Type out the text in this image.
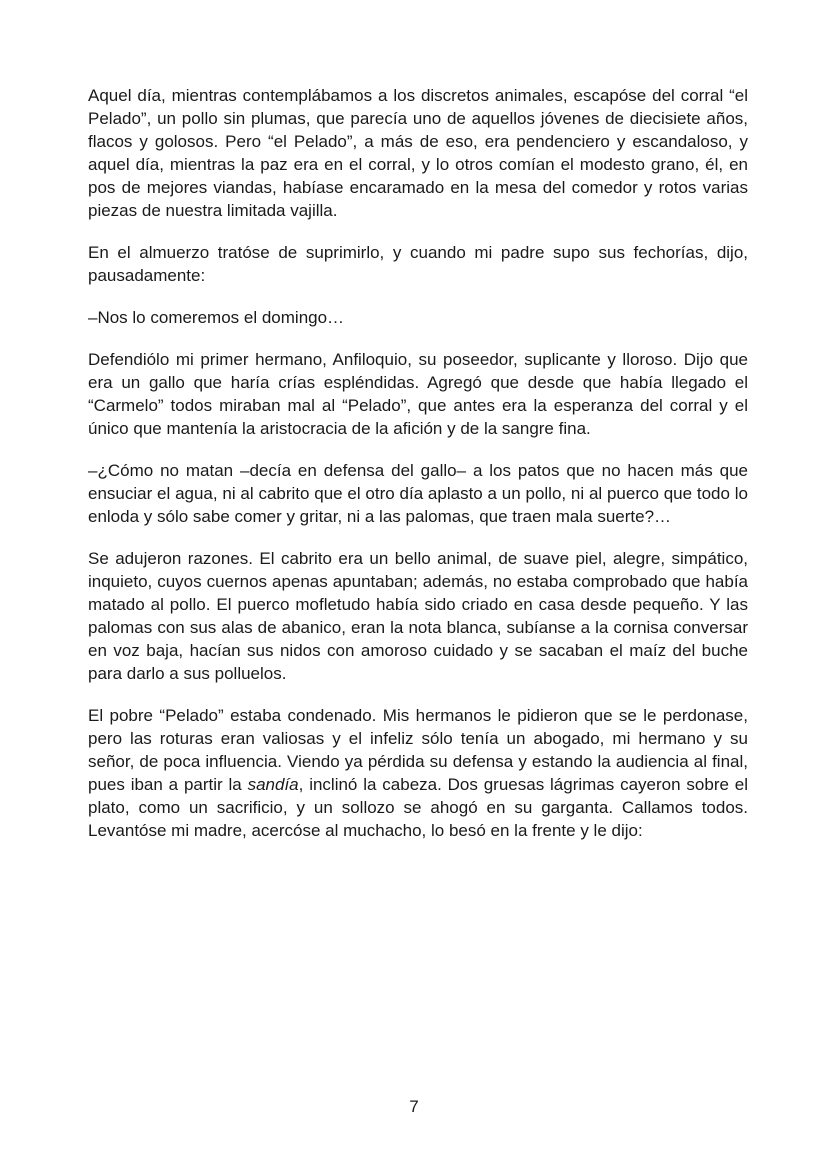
Aquel día, mientras contemplábamos a los discretos animales, escapóse del corral “el Pelado”, un pollo sin plumas, que parecía uno de aquellos jóvenes de diecisiete años, flacos y golosos. Pero “el Pelado”, a más de eso, era pendenciero y escandaloso, y aquel día, mientras la paz era en el corral, y lo otros comían el modesto grano, él, en pos de mejores viandas, habíase encaramado en la mesa del comedor y rotos varias piezas de nuestra limitada vajilla.

En el almuerzo tratóse de suprimirlo, y cuando mi padre supo sus fechorías, dijo, pausadamente:

–Nos lo comeremos el domingo…

Defendiólo mi primer hermano, Anfiloquio, su poseedor, suplicante y lloroso. Dijo que era un gallo que haría crías espléndidas. Agregó que desde que había llegado el “Carmelo” todos miraban mal al “Pelado”, que antes era la esperanza del corral y el único que mantenía la aristocracia de la afición y de la sangre fina.

–¿Cómo no matan –decía en defensa del gallo– a los patos que no hacen más que ensuciar el agua, ni al cabrito que el otro día aplasto a un pollo, ni al puerco que todo lo enloda y sólo sabe comer y gritar, ni a las palomas, que traen mala suerte?…

Se adujeron razones. El cabrito era un bello animal, de suave piel, alegre, simpático, inquieto, cuyos cuernos apenas apuntaban; además, no estaba comprobado que había matado al pollo. El puerco mofletudo había sido criado en casa desde pequeño. Y las palomas con sus alas de abanico, eran la nota blanca, subíanse a la cornisa conversar en voz baja, hacían sus nidos con amoroso cuidado y se sacaban el maíz del buche para darlo a sus polluelos.

El pobre “Pelado” estaba condenado. Mis hermanos le pidieron que se le perdonase, pero las roturas eran valiosas y el infeliz sólo tenía un abogado, mi hermano y su señor, de poca influencia. Viendo ya pérdida su defensa y estando la audiencia al final, pues iban a partir la sandía, inclinó la cabeza. Dos gruesas lágrimas cayeron sobre el plato, como un sacrificio, y un sollozo se ahogó en su garganta. Callamos todos. Levantóse mi madre, acercóse al muchacho, lo besó en la frente y le dijo:

7
